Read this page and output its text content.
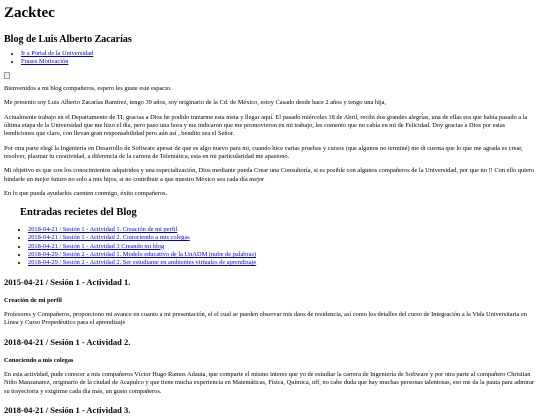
Zacktec
Blog de Luis Alberto Zacarías
• Ir a Portal de la Universidad
• Frases Motivación

Bienvenidos a mi blog compañeros, espero les guste este espacio.

Me presento soy Luis Alberto Zacarías Ramírez, tengo 39 años, soy originario de la Cd. de México, estoy Casado desde hace 2 años y tengo una hija,

Actualmente trabajo en el Departamento de TI, gracias a Dios he podido trazarme esta meta y llegar aquí. El pasado miércoles 18 de Abril, recibí dos grandes alegrías, una de ellas era que había pasado a la última etapa de la Universidad que me hizo el día, pero paso una hora y me indicaron que me promovieron en mi trabajo, les comento que no cabía en mi de Felicidad. Doy gracias a Dios por estas bendiciones que claro, con llevan gran responsabilidad pero aún así , bendito sea el Señor.

Por otra parte elegí la Ingeniería en Desarrollo de Software apesar de que es algo nuevo para mi, cuando hice varias pruebas y cursos (que algunos no terminé) me di cuenta que lo que me agrada es crear, resolver, plasmar tu creatividad, a diferencia de la carrera de Telemática, esta en mi particularidad me apasionó.

Mi objetivo es que con los conocimientos adquiridos y una especialización, Dios mediante pueda Crear una Consultoría, si es posible con algunos compañeros de la Universidad, por que no !! Con ello quiero bindarle un mejor futuro no solo a mis hijos, si no contribuir a que nuestro México sea cada día mejor

En lo que pueda ayudarlos cuenten conmigo, éxito compañeros.

Entradas recietes del Blog
• 2018-04-21 / Sesión 1 - Actividad 1. Creación de mi perfil
• 2018-04-21 / Sesión 1 - Actividad 2. Conociendo a mis colegas
• 2018-04-21 / Sesión 1 - Actividad 3 Creando mi blog
• 2018-04-29 / Sesión 2 - Actividad 1. Modelo educativo de la UnADM (nube de palabras)
• 2018-04-29 / Sesión 2 - Actividad 2. Ser estudiante en ambientes virtuales de aprendizaje
2015-04-21 / Sesión 1 - Actividad 1.
Creación de mi perfil

Profesores y Compañeros, proporciono mi avance en cuanto a mi presentación, el el cual se pueden observar mis daos de residencia, así como los detalles del curso de Integración a la Vida Universitaria en Línea y Curso Propedéutico para el aprendizaje

2018-04-21 / Sesión 1 - Actividad 2.
Conociendo a mis colegas

En esta actividad, pude conocer a mis compañeros Víctor Hugo Ramos Adauta, que comparte el mismo interes que yo de estudiar la carrera de Ingeniería de Software y por otra parte al compañero Christian Niño Manzanarez, originario de la ciudad de Acapulco y que tiene mucha experiencia en Matemáticas, Física, Química, uff, no cabe duda que hay muchas personas talentosas, eso me da la pauta para admirar su trayectoria y exigirme cada día más, un gusto compañeros.

2018-04-21 / Sesión 1 - Actividad 3.
